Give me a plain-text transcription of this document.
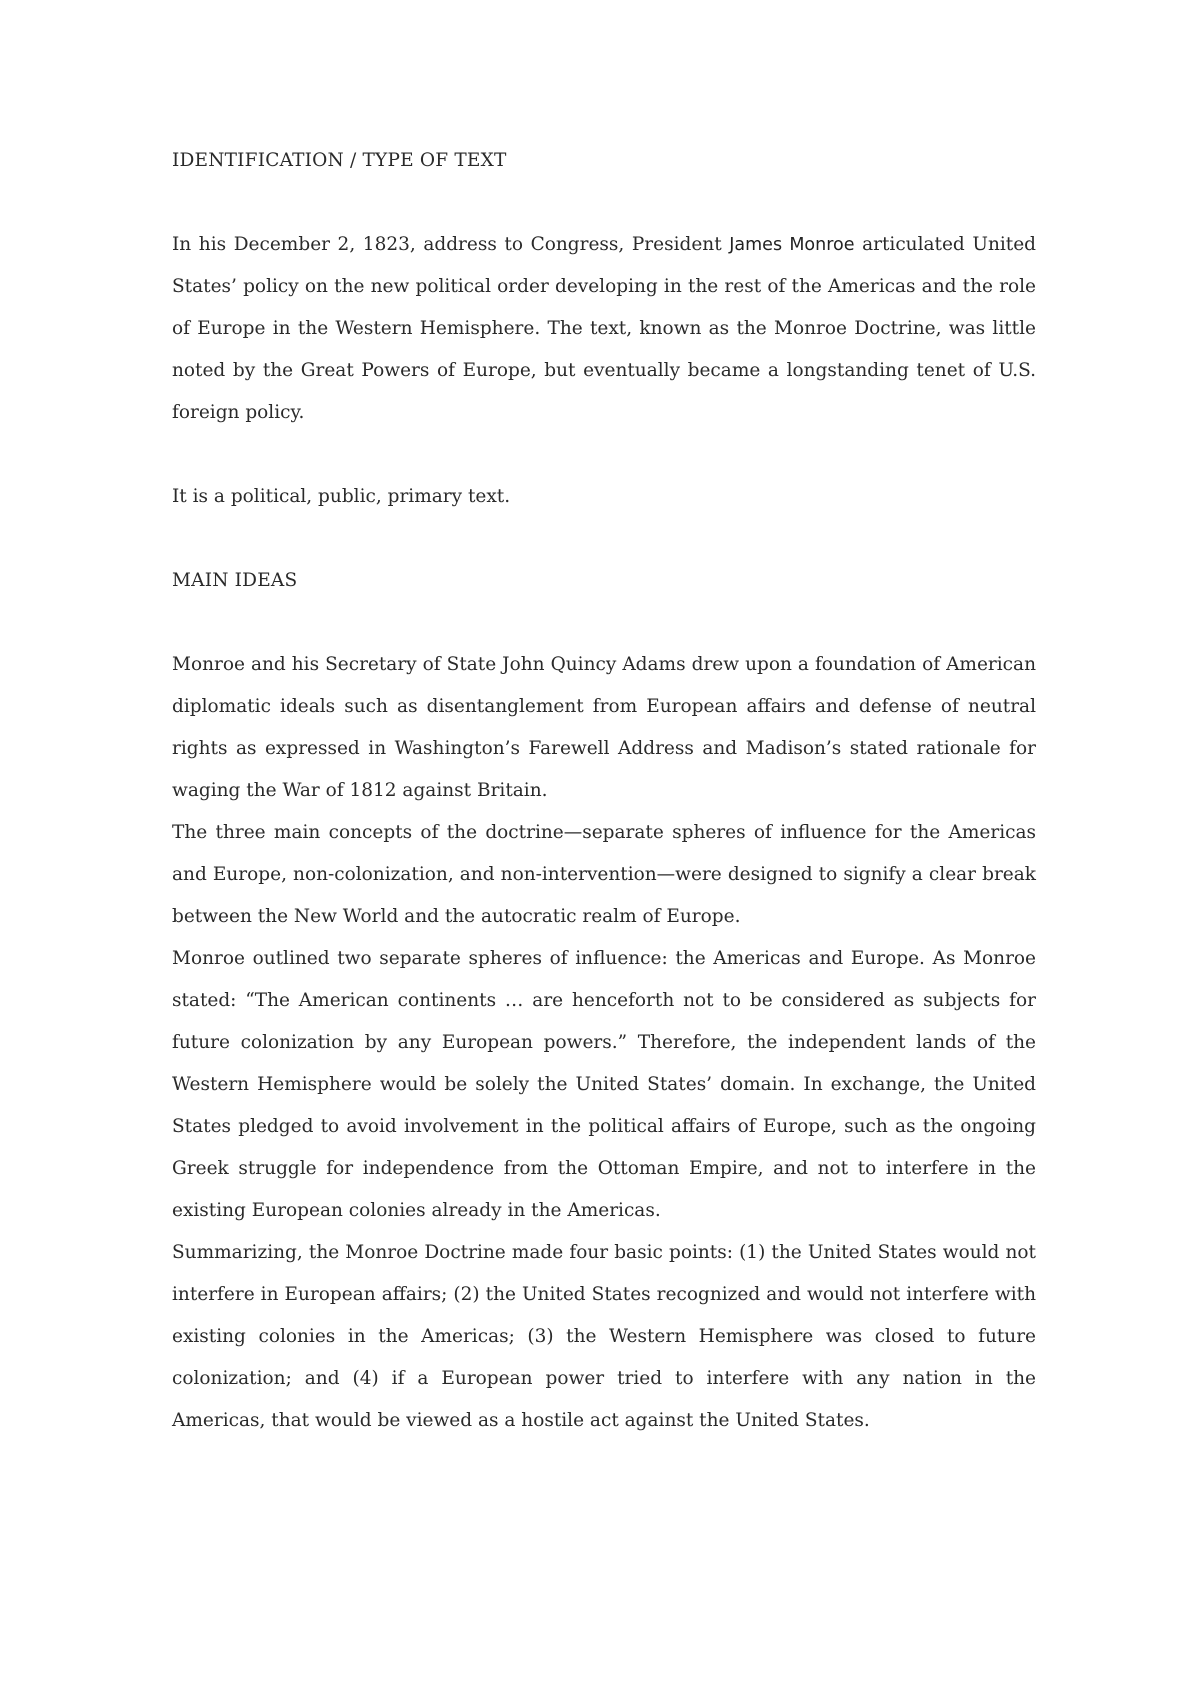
IDENTIFICATION / TYPE OF TEXT

In his December 2, 1823, address to Congress, President James Monroe articulated United States’ policy on the new political order developing in the rest of the Americas and the role of Europe in the Western Hemisphere. The text, known as the Monroe Doctrine, was little noted by the Great Powers of Europe, but eventually became a longstanding tenet of U.S. foreign policy.

It is a political, public, primary text.

MAIN IDEAS

Monroe and his Secretary of State John Quincy Adams drew upon a foundation of American diplomatic ideals such as disentanglement from European affairs and defense of neutral rights as expressed in Washington’s Farewell Address and Madison’s stated rationale for waging the War of 1812 against Britain.

The three main concepts of the doctrine—separate spheres of influence for the Americas and Europe, non-colonization, and non-intervention—were designed to signify a clear break between the New World and the autocratic realm of Europe.

Monroe outlined two separate spheres of influence: the Americas and Europe. As Monroe stated: “The American continents … are henceforth not to be considered as subjects for future colonization by any European powers.” Therefore, the independent lands of the Western Hemisphere would be solely the United States’ domain. In exchange, the United States pledged to avoid involvement in the political affairs of Europe, such as the ongoing Greek struggle for independence from the Ottoman Empire, and not to interfere in the existing European colonies already in the Americas.

Summarizing, the Monroe Doctrine made four basic points: (1) the United States would not interfere in European affairs; (2) the United States recognized and would not interfere with existing colonies in the Americas; (3) the Western Hemisphere was closed to future colonization; and (4) if a European power tried to interfere with any nation in the Americas, that would be viewed as a hostile act against the United States.
